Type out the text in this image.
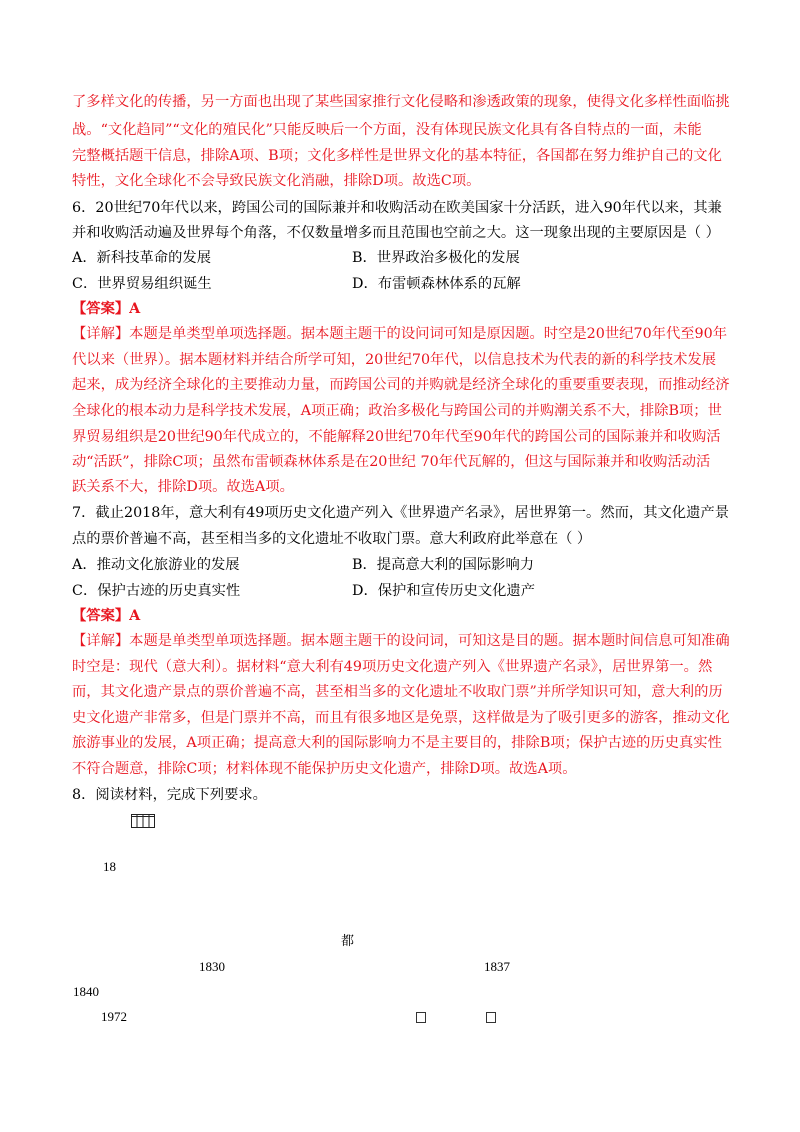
了多样文化的传播，另一方面也出现了某些国家推行文化侵略和渗透政策的现象，使得文化多样性面临挑
战。“文化趋同”“文化的殖民化”只能反映后一个方面，没有体现民族文化具有各自特点的一面，未能
完整概括题干信息，排除A项、B项；文化多样性是世界文化的基本特征，各国都在努力维护自己的文化
特性，文化全球化不会导致民族文化消融，排除D项。故选C项。
6．20世纪70年代以来，跨国公司的国际兼并和收购活动在欧美国家十分活跃，进入90年代以来，其兼
并和收购活动遍及世界每个角落，不仅数量增多而且范围也空前之大。这一现象出现的主要原因是（ ）
A．新科技革命的发展	B．世界政治多极化的发展
C．世界贸易组织诞生	D．布雷顿森林体系的瓦解
【答案】A
【详解】本题是单类型单项选择题。据本题主题干的设问词可知是原因题。时空是20世纪70年代至90年
代以来（世界）。据本题材料并结合所学可知，20世纪70年代，以信息技术为代表的新的科学技术发展
起来，成为经济全球化的主要推动力量，而跨国公司的并购就是经济全球化的重要重要表现，而推动经济
全球化的根本动力是科学技术发展，A项正确；政治多极化与跨国公司的并购潮关系不大，排除B项；世
界贸易组织是20世纪90年代成立的，不能解释20世纪70年代至90年代的跨国公司的国际兼并和收购活
动“活跃”，排除C项；虽然布雷顿森林体系是在20世纪 70年代瓦解的，但这与国际兼并和收购活动活
跃关系不大，排除D项。故选A项。
7．截止2018年，意大利有49项历史文化遗产列入《世界遗产名录》，居世界第一。然而，其文化遗产景
点的票价普遍不高，甚至相当多的文化遗址不收取门票。意大利政府此举意在（ ）
A．推动文化旅游业的发展	B．提高意大利的国际影响力
C．保护古迹的历史真实性	D．保护和宣传历史文化遗产
【答案】A
【详解】本题是单类型单项选择题。据本题主题干的设问词，可知这是目的题。据本题时间信息可知准确
时空是：现代（意大利）。据材料“意大利有49项历史文化遗产列入《世界遗产名录》，居世界第一。然
而，其文化遗产景点的票价普遍不高，甚至相当多的文化遗址不收取门票”并所学知识可知，意大利的历
史文化遗产非常多，但是门票并不高，而且有很多地区是免票，这样做是为了吸引更多的游客，推动文化
旅游事业的发展，A项正确；提高意大利的国际影响力不是主要目的，排除B项；保护古迹的历史真实性
不符合题意，排除C项；材料体现不能保护历史文化遗产，排除D项。故选A项。
8．阅读材料，完成下列要求。
18
都
1830	1837
1840
1972
